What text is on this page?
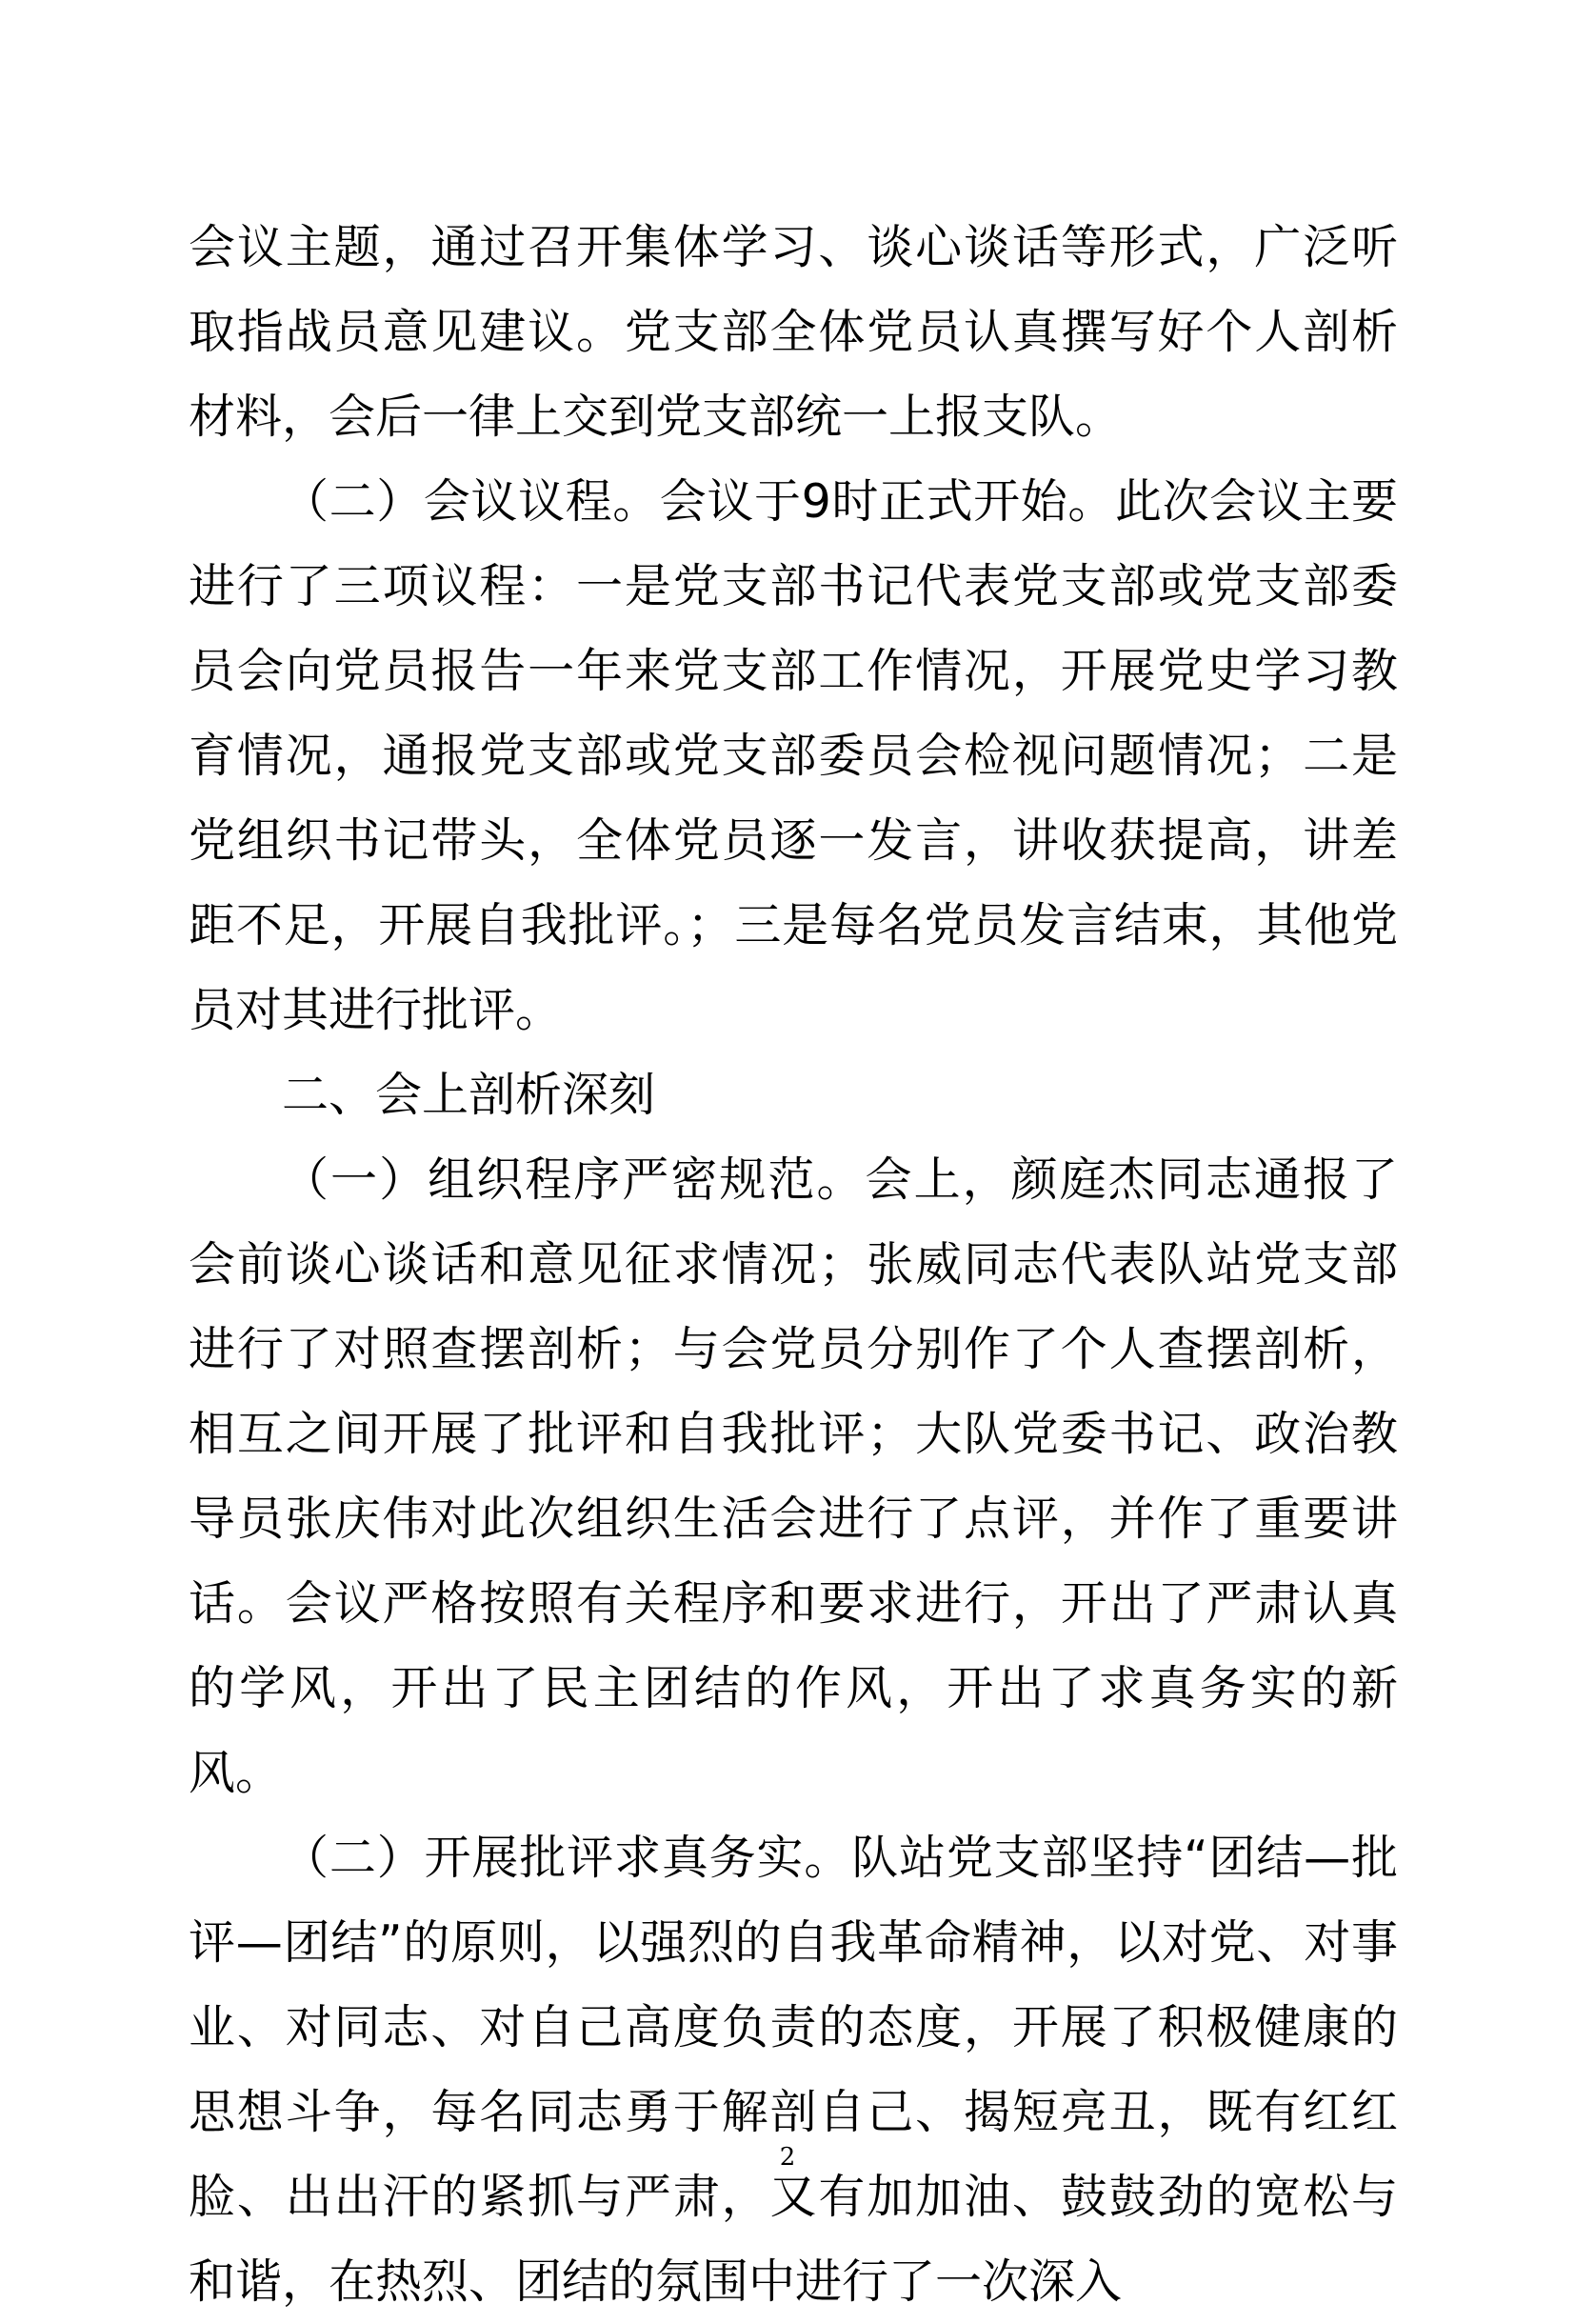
会议主题，通过召开集体学习、谈心谈话等形式，广泛听取指战员意见建议。党支部全体党员认真撰写好个人剖析材料，会后一律上交到党支部统一上报支队。

（二）会议议程。会议于9时正式开始。此次会议主要进行了三项议程：一是党支部书记代表党支部或党支部委员会向党员报告一年来党支部工作情况，开展党史学习教育情况，通报党支部或党支部委员会检视问题情况；二是党组织书记带头，全体党员逐一发言，讲收获提高，讲差距不足，开展自我批评。；三是每名党员发言结束，其他党员对其进行批评。

二、会上剖析深刻

（一）组织程序严密规范。会上，颜庭杰同志通报了会前谈心谈话和意见征求情况；张威同志代表队站党支部进行了对照查摆剖析；与会党员分别作了个人查摆剖析，相互之间开展了批评和自我批评；大队党委书记、政治教导员张庆伟对此次组织生活会进行了点评，并作了重要讲话。会议严格按照有关程序和要求进行，开出了严肃认真的学风，开出了民主团结的作风，开出了求真务实的新风。

（二）开展批评求真务实。队站党支部坚持“团结—批评—团结”的原则，以强烈的自我革命精神，以对党、对事业、对同志、对自己高度负责的态度，开展了积极健康的思想斗争，每名同志勇于解剖自己、揭短亮丑，既有红红脸、出出汗的紧抓与严肃，又有加加油、鼓鼓劲的宽松与和谐，在热烈、团结的氛围中进行了一次深入

2
